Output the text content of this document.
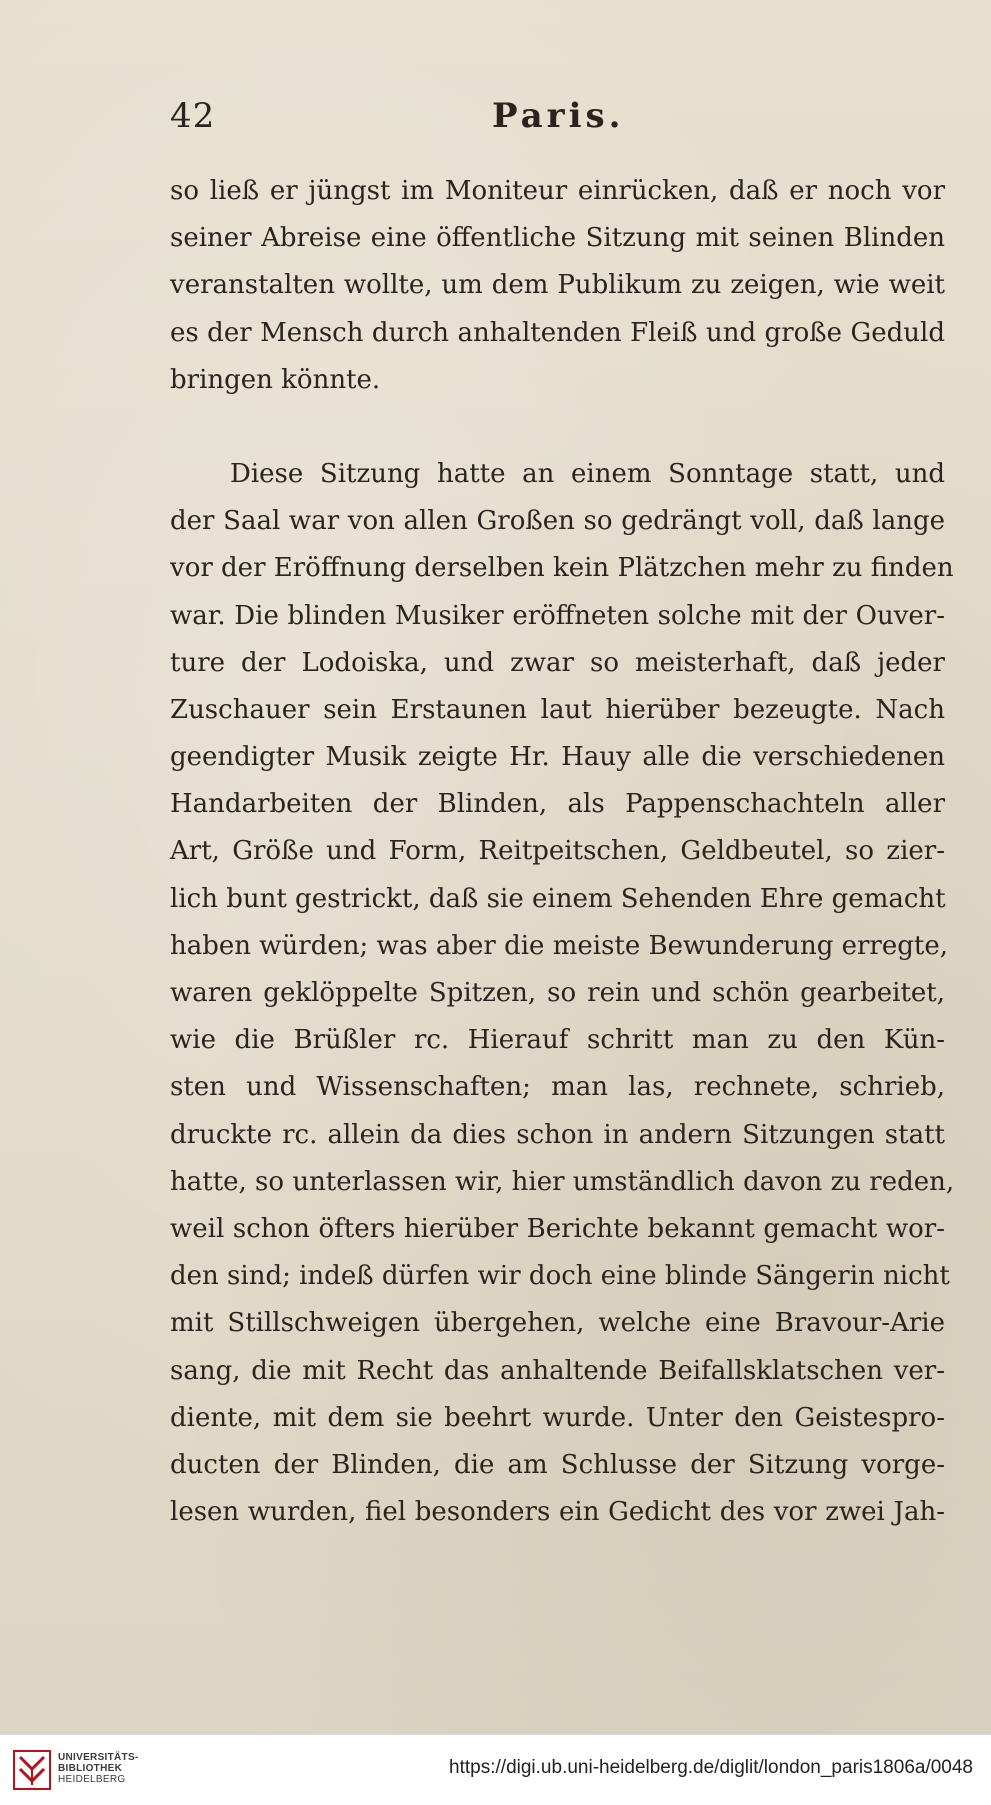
42	Paris.
so ließ er jüngst im Moniteur einrücken, daß er noch vor
seiner Abreise eine öffentliche Sitzung mit seinen Blinden
veranstalten wollte, um dem Publikum zu zeigen, wie weit
es der Mensch durch anhaltenden Fleiß und große Geduld
bringen könnte.
Diese Sitzung hatte an einem Sonntage statt, und
der Saal war von allen Großen so gedrängt voll, daß lange
vor der Eröffnung derselben kein Plätzchen mehr zu finden
war. Die blinden Musiker eröffneten solche mit der Ouver-
ture der Lodoiska, und zwar so meisterhaft, daß jeder
Zuschauer sein Erstaunen laut hierüber bezeugte. Nach
geendigter Musik zeigte Hr. Hauy alle die verschiedenen
Handarbeiten der Blinden, als Pappenschachteln aller
Art, Größe und Form, Reitpeitschen, Geldbeutel, so zier-
lich bunt gestrickt, daß sie einem Sehenden Ehre gemacht
haben würden; was aber die meiste Bewunderung erregte,
waren geklöppelte Spitzen, so rein und schön gearbeitet,
wie die Brüßler rc. Hierauf schritt man zu den Kün-
sten und Wissenschaften; man las, rechnete, schrieb,
druckte rc. allein da dies schon in andern Sitzungen statt
hatte, so unterlassen wir, hier umständlich davon zu reden,
weil schon öfters hierüber Berichte bekannt gemacht wor-
den sind; indeß dürfen wir doch eine blinde Sängerin nicht
mit Stillschweigen übergehen, welche eine Bravour-Arie
sang, die mit Recht das anhaltende Beifallsklatschen ver-
diente, mit dem sie beehrt wurde. Unter den Geistespro-
ducten der Blinden, die am Schlusse der Sitzung vorge-
lesen wurden, fiel besonders ein Gedicht des vor zwei Jah-
UNIVERSITÄTS-
BIBLIOTHEK
HEIDELBERG
https://digi.ub.uni-heidelberg.de/diglit/london_paris1806a/0048
